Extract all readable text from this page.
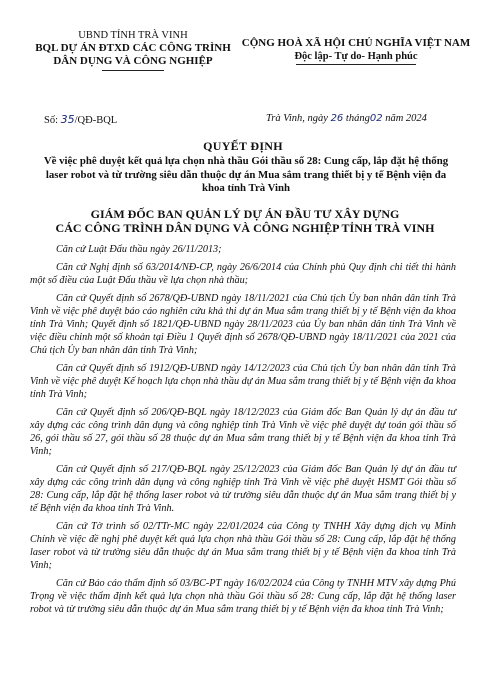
UBND TỈNH TRÀ VINH
BQL DỰ ÁN ĐTXD CÁC CÔNG TRÌNH
DÂN DỤNG VÀ CÔNG NGHIỆP
CỘNG HOÀ XÃ HỘI CHỦ NGHĨA VIỆT NAM
Độc lập- Tự do- Hạnh phúc
Số: 35/QĐ-BQL	Trà Vinh, ngày 26 tháng02 năm 2024
QUYẾT ĐỊNH
Về việc phê duyệt kết quả lựa chọn nhà thầu Gói thầu số 28: Cung cấp, lắp đặt hệ thống laser robot và từ trường siêu dẫn thuộc dự án Mua sắm trang thiết bị y tế Bệnh viện đa khoa tỉnh Trà Vinh
GIÁM ĐỐC BAN QUẢN LÝ DỰ ÁN ĐẦU TƯ XÂY DỰNG
CÁC CÔNG TRÌNH DÂN DỤNG VÀ CÔNG NGHIỆP TỈNH TRÀ VINH

Căn cứ Luật Đấu thầu ngày 26/11/2013;

Căn cứ Nghị định số 63/2014/NĐ-CP, ngày 26/6/2014 của Chính phủ Quy định chi tiết thi hành một số điều của Luật Đấu thầu về lựa chọn nhà thầu;

Căn cứ Quyết định số 2678/QĐ-UBND ngày 18/11/2021 của Chủ tịch Ủy ban nhân dân tỉnh Trà Vinh về việc phê duyệt báo cáo nghiên cứu khả thi dự án Mua sắm trang thiết bị y tế Bệnh viện đa khoa tỉnh Trà Vinh; Quyết định số 1821/QĐ-UBND ngày 28/11/2023 của Ủy ban nhân dân tỉnh Trà Vinh về việc điều chỉnh một số khoản tại Điều 1 Quyết định số 2678/QĐ-UBND ngày 18/11/2021 của 2021 của Chủ tịch Ủy ban nhân dân tỉnh Trà Vinh;

Căn cứ Quyết định số 1912/QĐ-UBND ngày 14/12/2023 của Chủ tịch Ủy ban nhân dân tỉnh Trà Vinh về việc phê duyệt Kế hoạch lựa chọn nhà thầu dự án Mua sắm trang thiết bị y tế Bệnh viện đa khoa tỉnh Trà Vinh;

Căn cứ Quyết định số 206/QĐ-BQL ngày 18/12/2023 của Giám đốc Ban Quản lý dự án đầu tư xây dựng các công trình dân dụng và công nghiệp tỉnh Trà Vinh về việc phê duyệt dự toán gói thầu số 26, gói thầu số 27, gói thầu số 28 thuộc dự án Mua sắm trang thiết bị y tế Bệnh viện đa khoa tỉnh Trà Vinh;

Căn cứ Quyết định số 217/QĐ-BQL ngày 25/12/2023 của Giám đốc Ban Quản lý dự án đầu tư xây dựng các công trình dân dụng và công nghiệp tỉnh Trà Vinh về việc phê duyệt HSMT Gói thầu số 28: Cung cấp, lắp đặt hệ thống laser robot và từ trường siêu dẫn thuộc dự án Mua sắm trang thiết bị y tế Bệnh viện đa khoa tỉnh Trà Vinh.

Căn cứ Tờ trình số 02/TTr-MC ngày 22/01/2024 của Công ty TNHH Xây dựng dịch vụ Minh Chính về việc đề nghị phê duyệt kết quả lựa chọn nhà thầu Gói thầu số 28: Cung cấp, lắp đặt hệ thống laser robot và từ trường siêu dẫn thuộc dự án Mua sắm trang thiết bị y tế Bệnh viện đa khoa tỉnh Trà Vinh;

Căn cứ Báo cáo thẩm định số 03/BC-PT ngày 16/02/2024 của Công ty TNHH MTV xây dựng Phú Trọng về việc thẩm định kết quả lựa chọn nhà thầu Gói thầu số 28: Cung cấp, lắp đặt hệ thống laser robot và từ trường siêu dẫn thuộc dự án Mua sắm trang thiết bị y tế Bệnh viện đa khoa tỉnh Trà Vinh;
